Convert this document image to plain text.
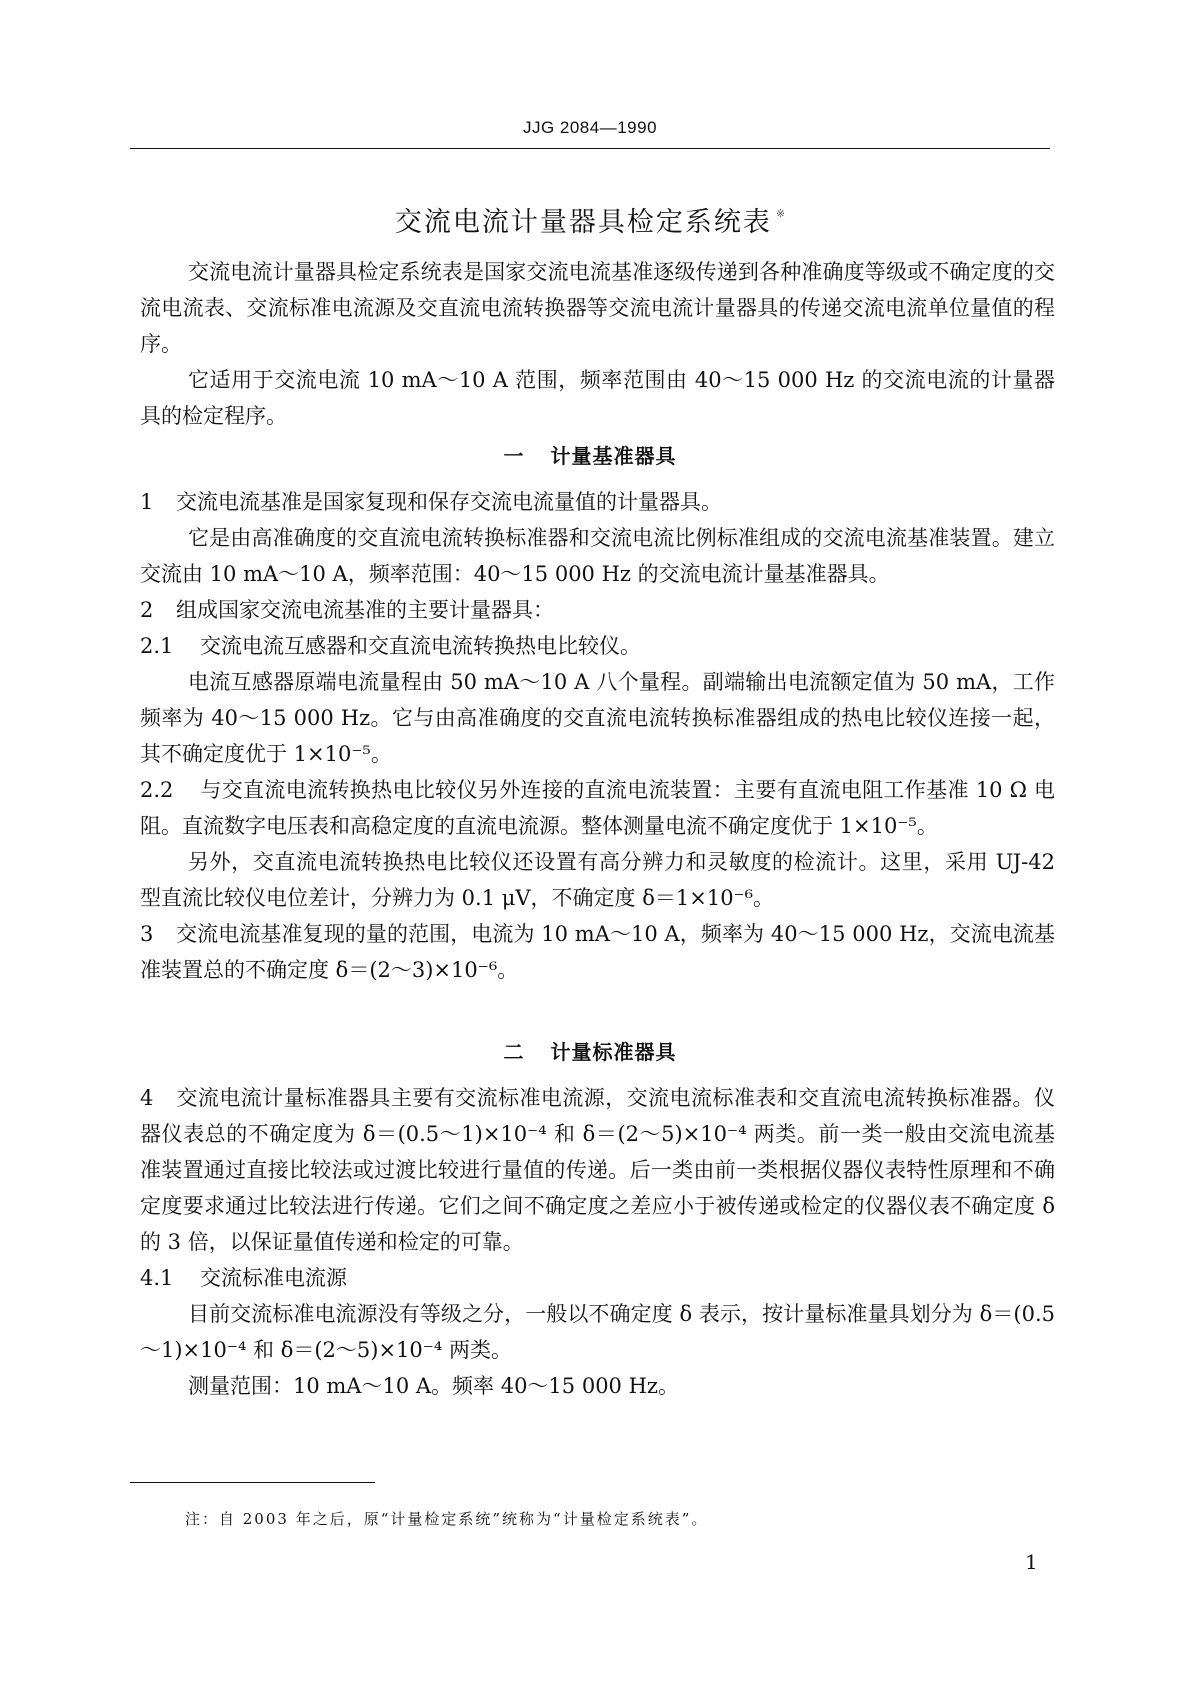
JJG 2084—1990
交流电流计量器具检定系统表 ※

交流电流计量器具检定系统表是国家交流电流基准逐级传递到各种准确度等级或不确定度的交流电流表、交流标准电流源及交直流电流转换器等交流电流计量器具的传递交流电流单位量值的程序。

它适用于交流电流 10 mA～10 A 范围，频率范围由 40～15 000 Hz 的交流电流的计量器具的检定程序。

一 计量基准器具

1 交流电流基准是国家复现和保存交流电流量值的计量器具。

它是由高准确度的交直流电流转换标准器和交流电流比例标准组成的交流电流基准装置。建立交流由 10 mA～10 A，频率范围：40～15 000 Hz 的交流电流计量基准器具。

2 组成国家交流电流基准的主要计量器具：

2.1 交流电流互感器和交直流电流转换热电比较仪。

电流互感器原端电流量程由 50 mA～10 A 八个量程。副端输出电流额定值为 50 mA，工作频率为 40～15 000 Hz。它与由高准确度的交直流电流转换标准器组成的热电比较仪连接一起，其不确定度优于 1×10⁻⁵。

2.2 与交直流电流转换热电比较仪另外连接的直流电流装置：主要有直流电阻工作基准 10 Ω 电阻。直流数字电压表和高稳定度的直流电流源。整体测量电流不确定度优于 1×10⁻⁵。

另外，交直流电流转换热电比较仪还设置有高分辨力和灵敏度的检流计。这里，采用 UJ-42 型直流比较仪电位差计，分辨力为 0.1 μV，不确定度 δ＝1×10⁻⁶。

3 交流电流基准复现的量的范围，电流为 10 mA～10 A，频率为 40～15 000 Hz，交流电流基准装置总的不确定度 δ＝(2～3)×10⁻⁶。

二 计量标准器具

4 交流电流计量标准器具主要有交流标准电流源，交流电流标准表和交直流电流转换标准器。仪器仪表总的不确定度为 δ＝(0.5～1)×10⁻⁴ 和 δ＝(2～5)×10⁻⁴ 两类。前一类一般由交流电流基准装置通过直接比较法或过渡比较进行量值的传递。后一类由前一类根据仪器仪表特性原理和不确定度要求通过比较法进行传递。它们之间不确定度之差应小于被传递或检定的仪器仪表不确定度 δ 的 3 倍，以保证量值传递和检定的可靠。

4.1 交流标准电流源

目前交流标准电流源没有等级之分，一般以不确定度 δ 表示，按计量标准量具划分为 δ＝(0.5～1)×10⁻⁴ 和 δ＝(2～5)×10⁻⁴ 两类。

测量范围：10 mA～10 A。频率 40～15 000 Hz。

注：自 2003 年之后，原“计量检定系统”统称为“计量检定系统表”。
1
